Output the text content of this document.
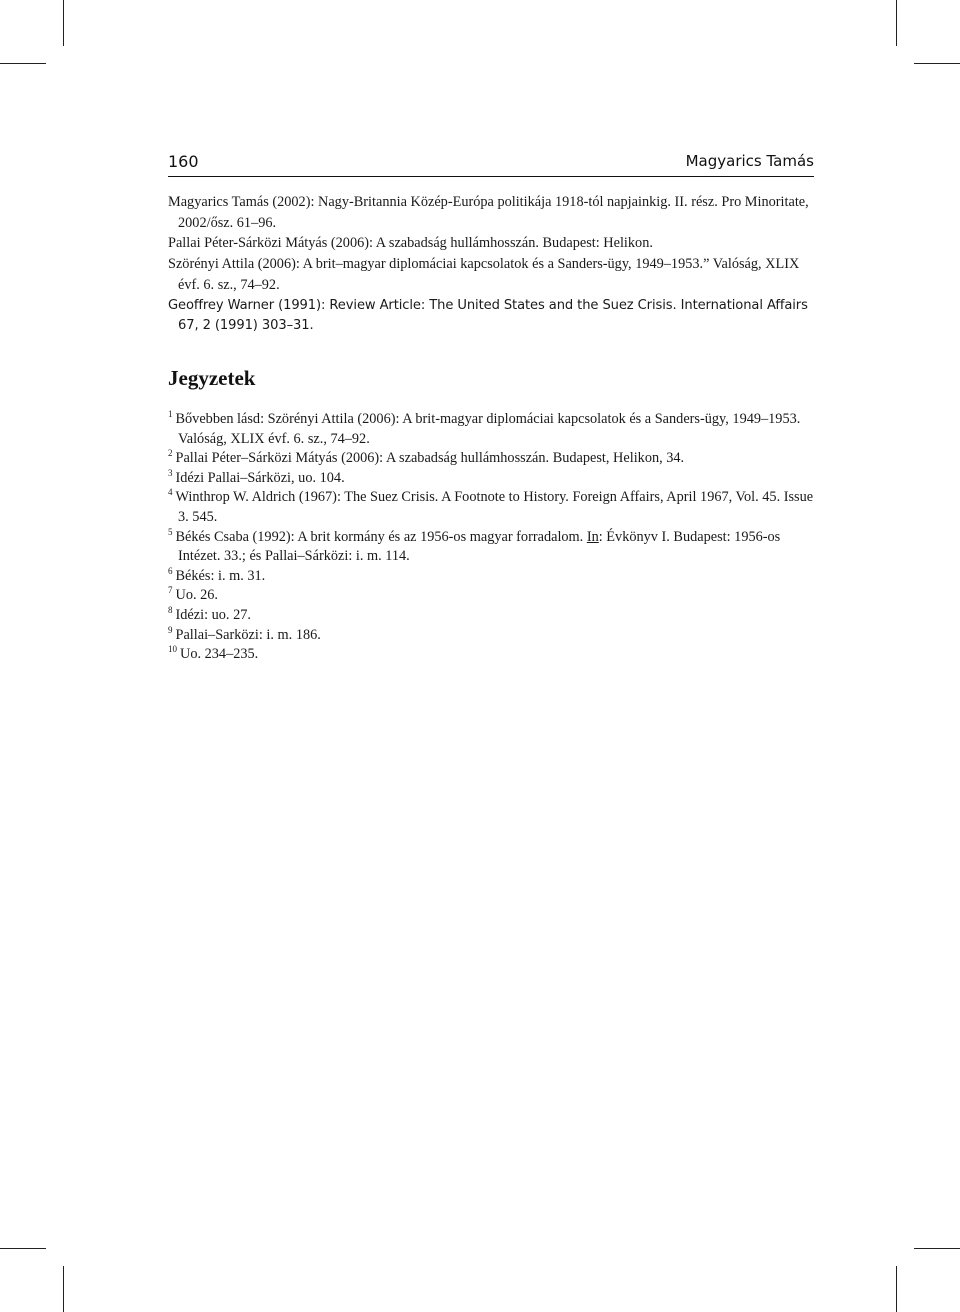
160	Magyarics Tamás
Magyarics Tamás (2002): Nagy-Britannia Közép-Európa politikája 1918-tól napjainkig. II. rész. Pro Minoritate, 2002/ősz. 61–96.
Pallai Péter-Sárközi Mátyás (2006): A szabadság hullámhosszán. Budapest: Helikon.
Szörényi Attila (2006): A brit–magyar diplomáciai kapcsolatok és a Sanders-ügy, 1949–1953.” Valóság, XLIX évf. 6. sz., 74–92.
Geoffrey Warner (1991): Review Article: The United States and the Suez Crisis. International Affairs 67, 2 (1991) 303–31.
Jegyzetek
$^1$ Bővebben lásd: Szörényi Attila (2006): A brit-magyar diplomáciai kapcsolatok és a Sanders-ügy, 1949–1953. Valóság, XLIX évf. 6. sz., 74–92.
$^2$ Pallai Péter–Sárközi Mátyás (2006): A szabadság hullámhosszán. Budapest, Helikon, 34.
$^3$ Idézi Pallai–Sárközi, uo. 104.
$^4$ Winthrop W. Aldrich (1967): The Suez Crisis. A Footnote to History. Foreign Affairs, April 1967, Vol. 45. Issue 3. 545.
$^5$ Békés Csaba (1992): A brit kormány és az 1956-os magyar forradalom. In: Évkönyv I. Budapest: 1956-os Intézet. 33.; és Pallai–Sárközi: i. m. 114.
$^6$ Békés: i. m. 31.
$^7$ Uo. 26.
$^8$ Idézi: uo. 27.
$^9$ Pallai–Sarközi: i. m. 186.
$^{10}$ Uo. 234–235.
